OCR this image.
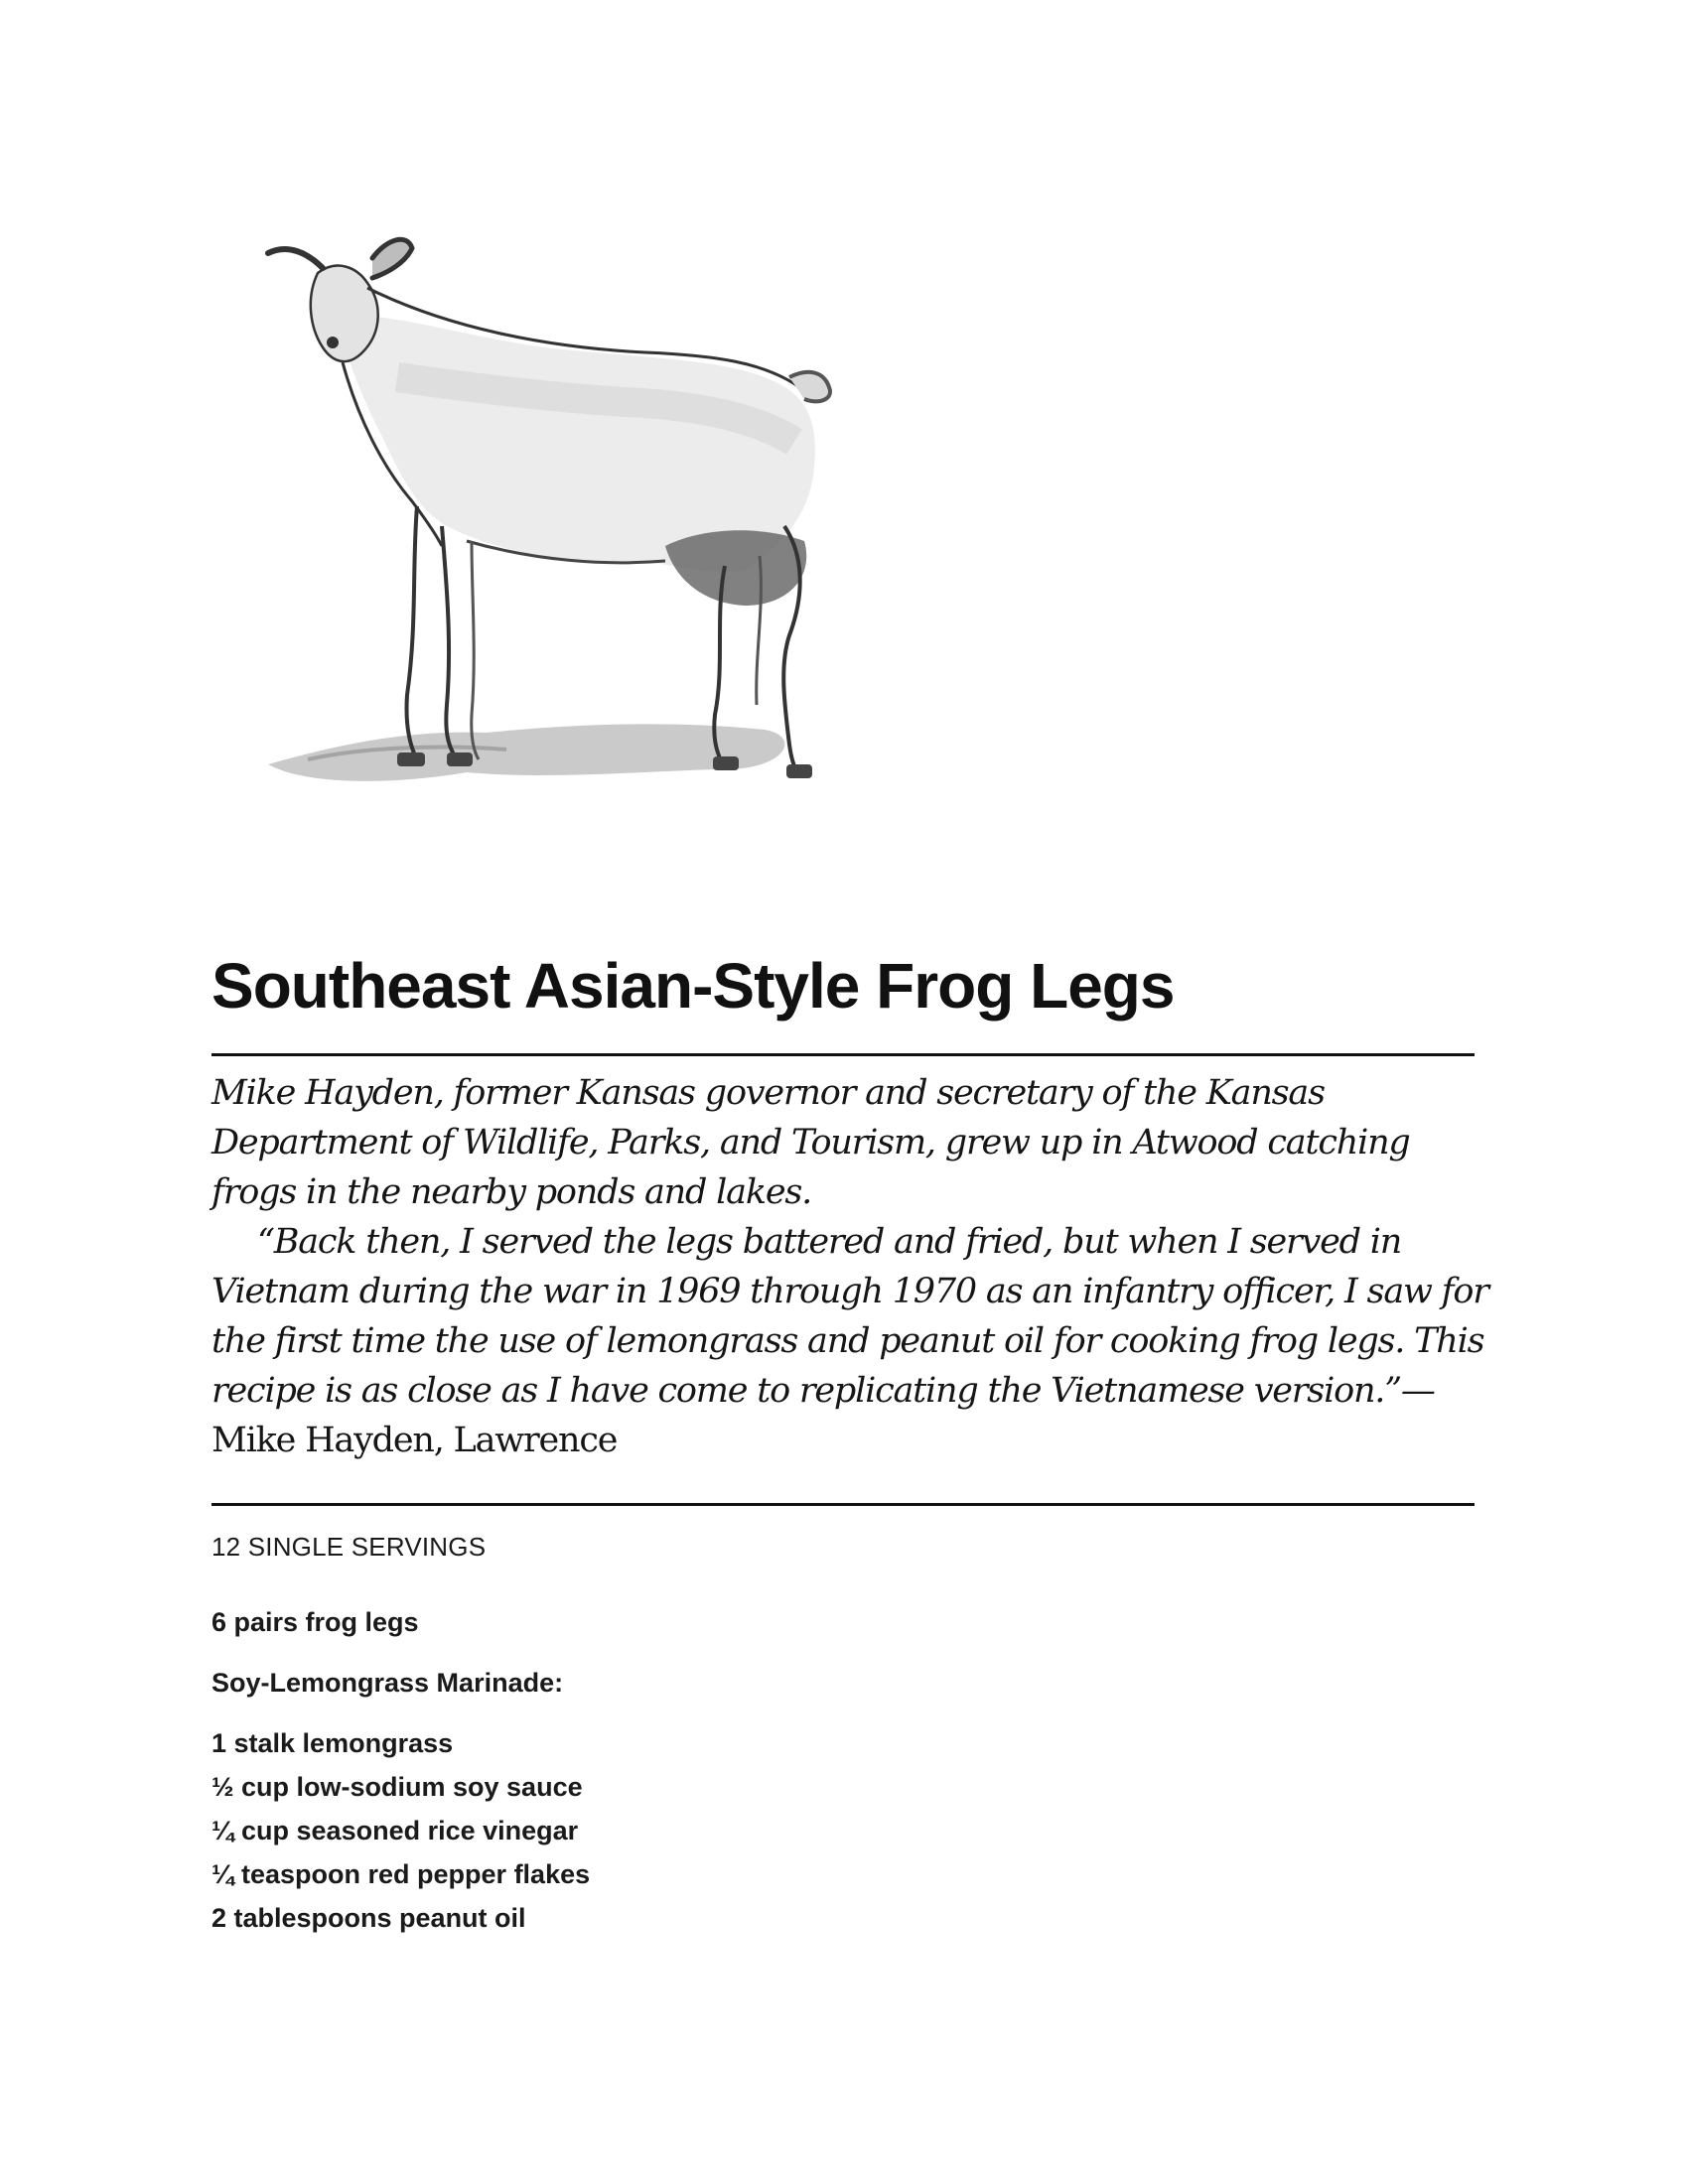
Southeast Asian-Style Frog Legs

Mike Hayden, former Kansas governor and secretary of the Kansas Department of Wildlife, Parks, and Tourism, grew up in Atwood catching frogs in the nearby ponds and lakes.

“Back then, I served the legs battered and fried, but when I served in Vietnam during the war in 1969 through 1970 as an infantry officer, I saw for the first time the use of lemongrass and peanut oil for cooking frog legs. This recipe is as close as I have come to replicating the Vietnamese version.”—
Mike Hayden, Lawrence

12 SINGLE SERVINGS
6 pairs frog legs
Soy-Lemongrass Marinade:
1 stalk lemongrass
½ cup low-sodium soy sauce
¼ cup seasoned rice vinegar
¼ teaspoon red pepper flakes
2 tablespoons peanut oil
